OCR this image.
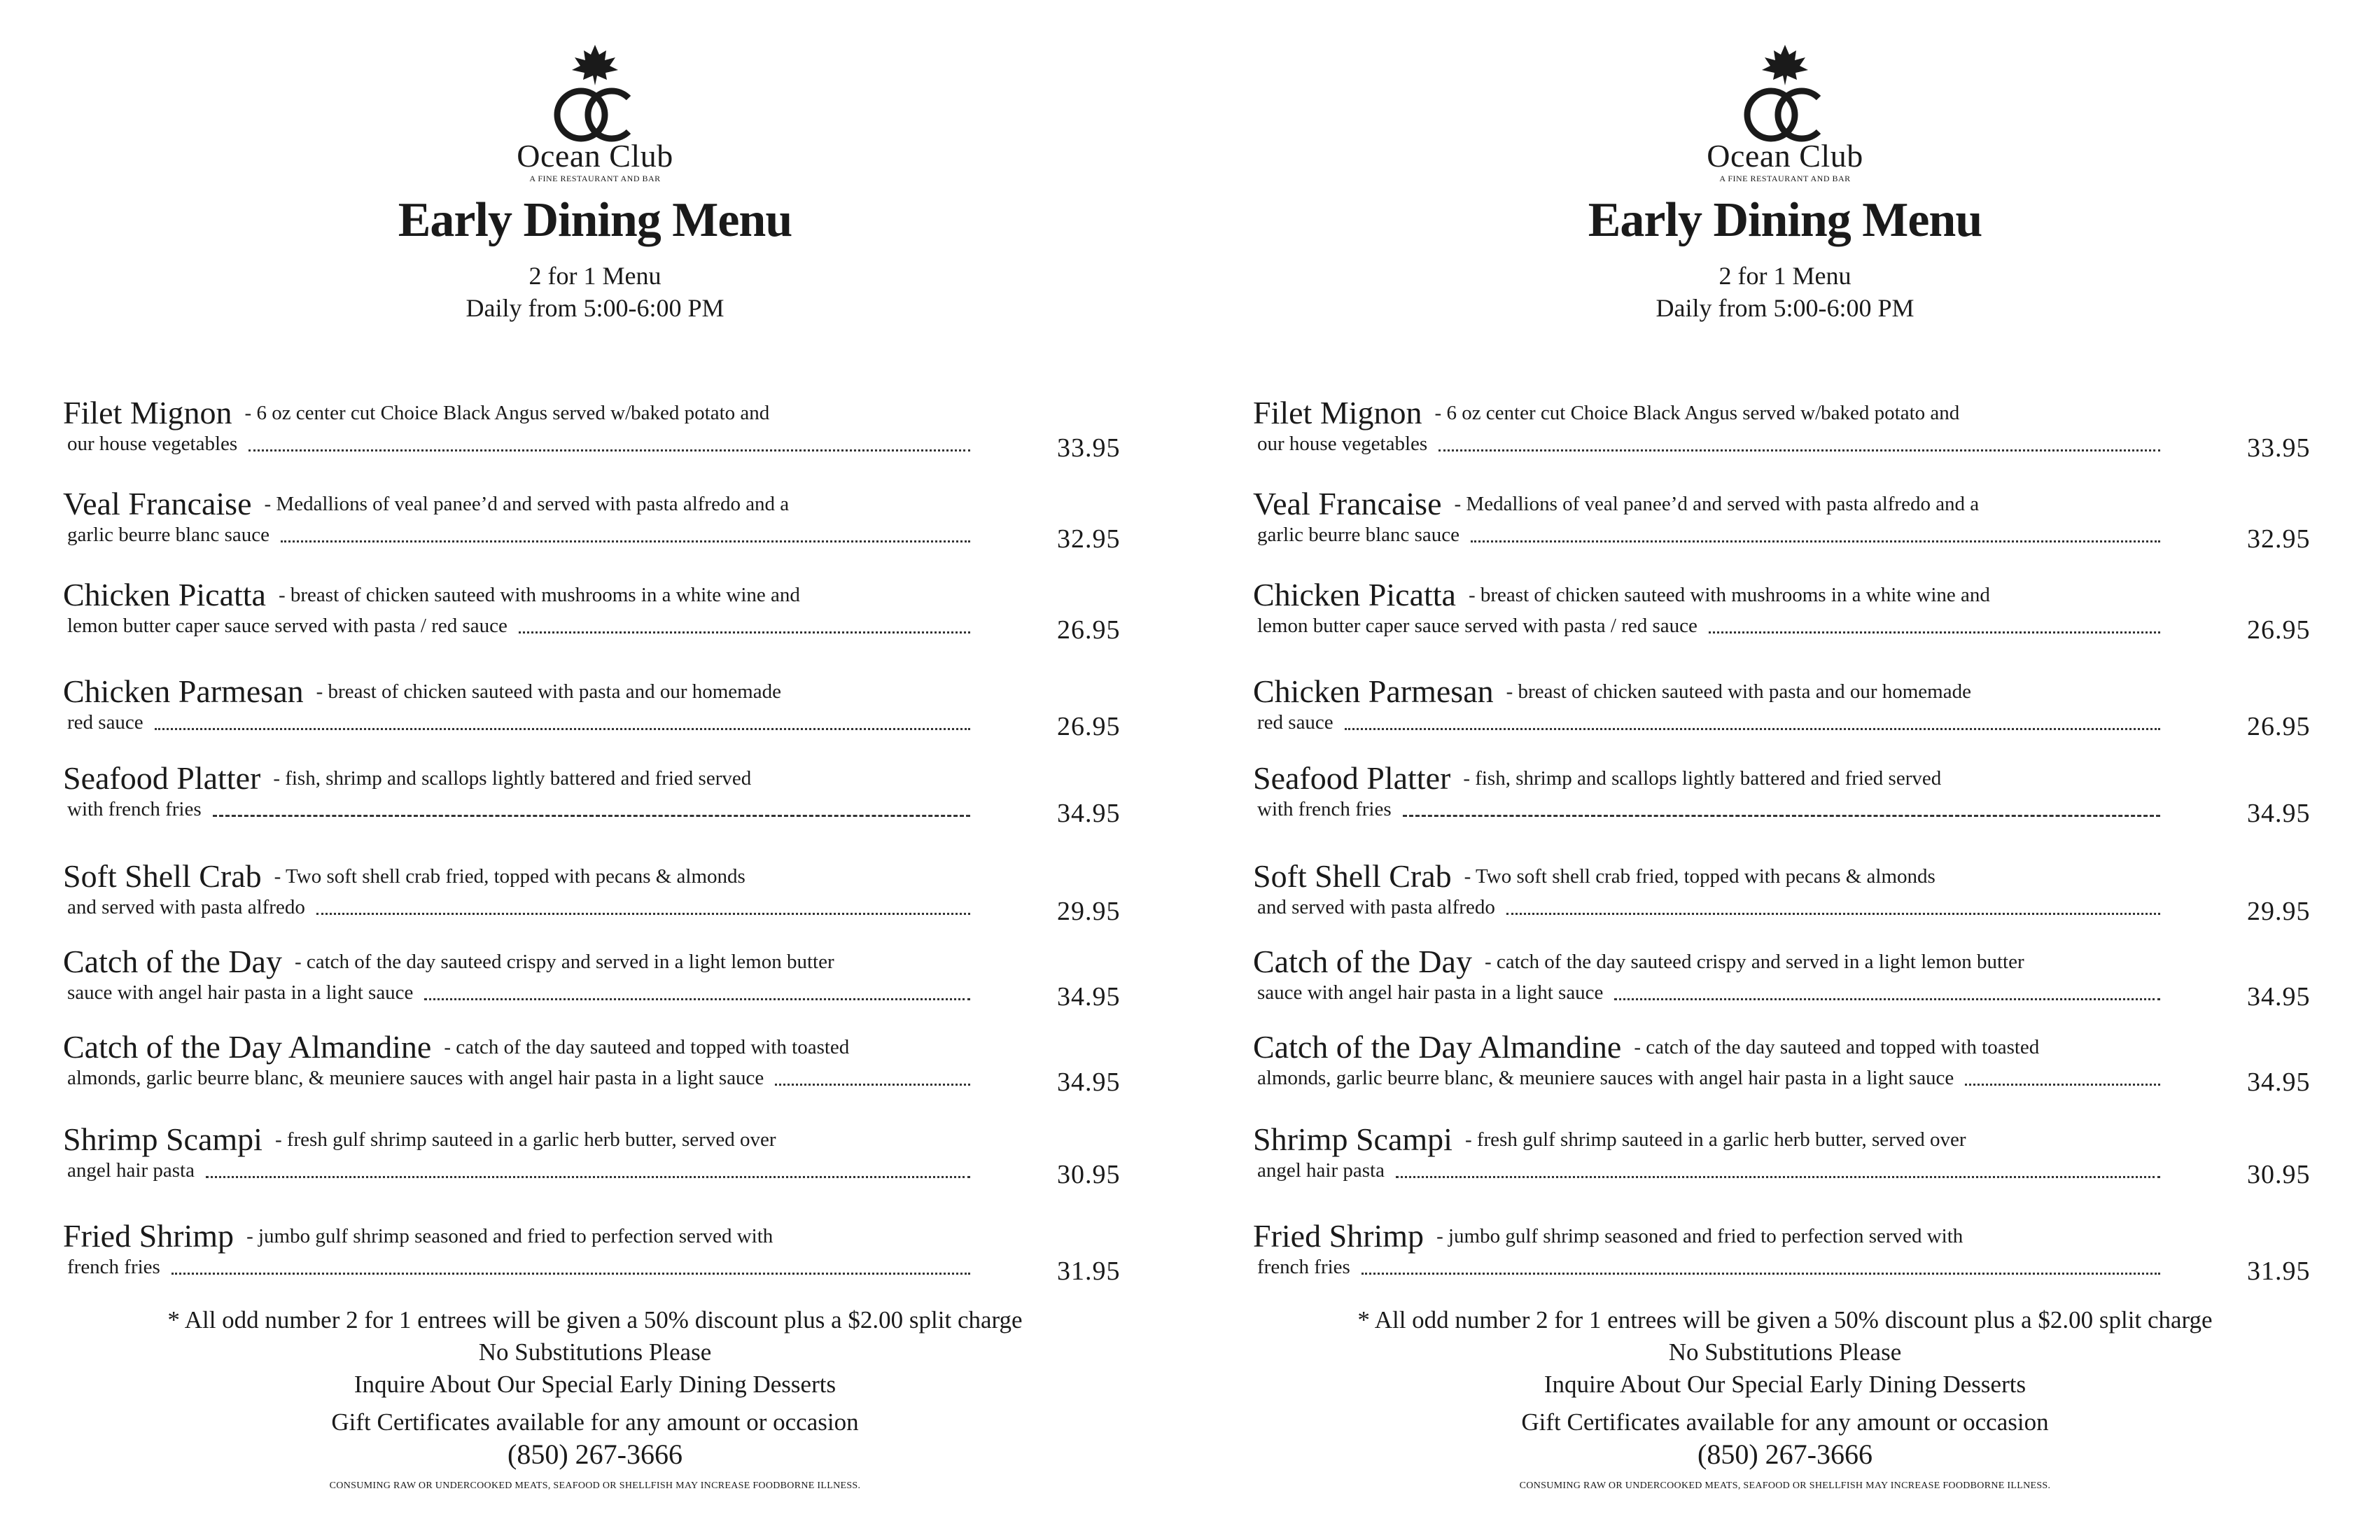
Ocean Club
A FINE RESTAURANT AND BAR
Early Dining Menu
2 for 1 Menu
Daily from 5:00-6:00 PM
Filet Mignon - 6 oz center cut Choice Black Angus served w/baked potato and
our house vegetables	33.95
Veal Francaise - Medallions of veal panee’d and served with pasta alfredo and a
garlic beurre blanc sauce	32.95
Chicken Picatta - breast of chicken sauteed with mushrooms in a white wine and
lemon butter caper sauce served with pasta / red sauce	26.95
Chicken Parmesan - breast of chicken sauteed with pasta and our homemade
red sauce	26.95
Seafood Platter - fish, shrimp and scallops lightly battered and fried served
with french fries	34.95
Soft Shell Crab - Two soft shell crab fried, topped with pecans & almonds
and served with pasta alfredo	29.95
Catch of the Day - catch of the day sauteed crispy and served in a light lemon butter
sauce with angel hair pasta in a light sauce	34.95
Catch of the Day Almandine - catch of the day sauteed and topped with toasted
almonds, garlic beurre blanc, & meuniere sauces with angel hair pasta in a light sauce	34.95
Shrimp Scampi - fresh gulf shrimp sauteed in a garlic herb butter, served over
angel hair pasta	30.95
Fried Shrimp - jumbo gulf shrimp seasoned and fried to perfection served with
french fries	31.95
* All odd number 2 for 1 entrees will be given a 50% discount plus a $2.00 split charge
No Substitutions Please
Inquire About Our Special Early Dining Desserts
Gift Certificates available for any amount or occasion
(850) 267-3666
CONSUMING RAW OR UNDERCOOKED MEATS, SEAFOOD OR SHELLFISH MAY INCREASE FOODBORNE ILLNESS.
Ocean Club
A FINE RESTAURANT AND BAR
Early Dining Menu
2 for 1 Menu
Daily from 5:00-6:00 PM
Filet Mignon - 6 oz center cut Choice Black Angus served w/baked potato and
our house vegetables	33.95
Veal Francaise - Medallions of veal panee’d and served with pasta alfredo and a
garlic beurre blanc sauce	32.95
Chicken Picatta - breast of chicken sauteed with mushrooms in a white wine and
lemon butter caper sauce served with pasta / red sauce	26.95
Chicken Parmesan - breast of chicken sauteed with pasta and our homemade
red sauce	26.95
Seafood Platter - fish, shrimp and scallops lightly battered and fried served
with french fries	34.95
Soft Shell Crab - Two soft shell crab fried, topped with pecans & almonds
and served with pasta alfredo	29.95
Catch of the Day - catch of the day sauteed crispy and served in a light lemon butter
sauce with angel hair pasta in a light sauce	34.95
Catch of the Day Almandine - catch of the day sauteed and topped with toasted
almonds, garlic beurre blanc, & meuniere sauces with angel hair pasta in a light sauce	34.95
Shrimp Scampi - fresh gulf shrimp sauteed in a garlic herb butter, served over
angel hair pasta	30.95
Fried Shrimp - jumbo gulf shrimp seasoned and fried to perfection served with
french fries	31.95
* All odd number 2 for 1 entrees will be given a 50% discount plus a $2.00 split charge
No Substitutions Please
Inquire About Our Special Early Dining Desserts
Gift Certificates available for any amount or occasion
(850) 267-3666
CONSUMING RAW OR UNDERCOOKED MEATS, SEAFOOD OR SHELLFISH MAY INCREASE FOODBORNE ILLNESS.
